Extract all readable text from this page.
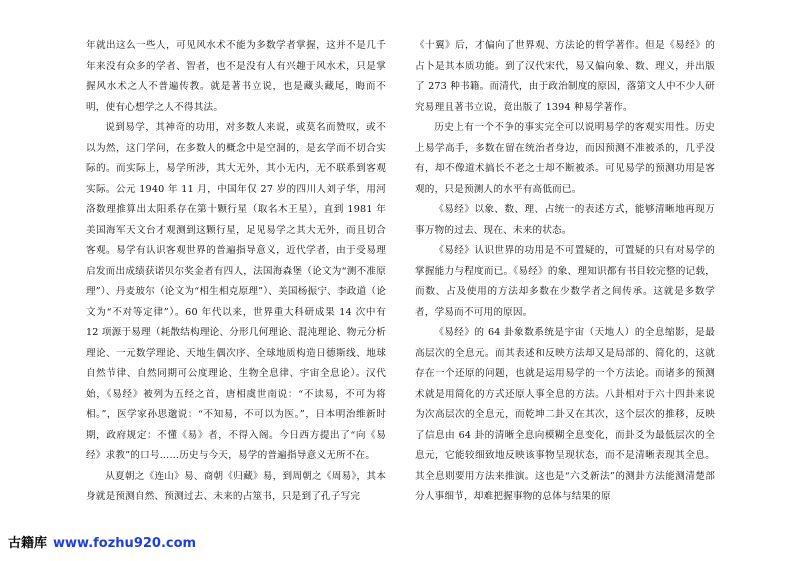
年就出这么一些人，可见风水术不能为多数学者掌握，这并不是几千年来没有众多的学者、智者，也不是没有人有兴趣于风水术，只是掌握风水术之人不普遍传教。就是著书立说，也是藏头藏尾，晦而不明，使有心想学之人不得其法。

说到易学，其神奇的功用，对多数人来说，或莫名而赞叹，或不以为然，这门学问，在多数人的概念中是空洞的，是玄学而不切合实际的。而实际上，易学所涉，其大无外，其小无内，无不联系到客观实际。公元 1940 年 11 月，中国年仅 27 岁的四川人刘子华，用河洛数理推算出太阳系存在第十颗行星（取名木王星），直到 1981 年美国海军天文台才观测到这颗行星，足见易学之其大无外，而且切合客观。易学有认识客观世界的普遍指导意义，近代学者，由于受易理启发而出成绩获诺贝尔奖金者有四人，法国海森堡（论文为“测不准原理”）、丹麦玻尔（论文为“相生相克原理”）、美国杨振宁、李政道（论文为“不对等定律”）。60 年代以来，世界重大科研成果 14 次中有 12 项源于易理（耗散结构理论、分形几何理论、混沌理论、物元分析理论、一元数学理论、天地生偶次序、全球地质构造日德斯线、地球自然节律、自然同期可公度理论、生物全息律、宇宙全息论）。汉代始，《易经》被列为五经之首，唐相虞世南说：“不读易，不可为将相。”，医学家孙思邈说：“不知易，不可以为医。”，日本明治维新时期，政府规定：不懂《易》者，不得入阁。今日西方提出了“向《易经》求教”的口号……历史与今天，易学的普遍指导意义无所不在。

从夏朝之《连山》易、商朝《归藏》易，到周朝之《周易》，其本身就是预测自然、预测过去、未来的占筮书，只是到了孔子写完

《十翼》后，才偏向了世界观、方法论的哲学著作。但是《易经》的占卜是其本质功能。到了汉代宋代，易又偏向象、数、理义，并出版了 273 种书籍。而清代，由于政治制度的原因，落第文人中不少人研究易理且著书立说，竟出版了 1394 种易学著作。

历史上有一个不争的事实完全可以说明易学的客观实用性。历史上易学高手，多数在留在统治者身边，而因预测不准被杀的，几乎没有，却不像道术搞长不老之士却不断被杀。可见易学的预测功用是客观的，只是预测人的水平有高低而已。

《易经》以象、数、理、占统一的表述方式，能够清晰地再现万事万物的过去、现在、未来的状态。

《易经》认识世界的功用是不可置疑的，可置疑的只有对易学的掌握能力与程度而已。《易经》的象、理知识都有书目较完整的记载，而数、占及使用的方法却多数在少数学者之间传承。这就是多数学者，学易而不可用的原因。

《易经》的 64 卦象数系统是宇宙（天地人）的全息缩影，是最高层次的全息元。而其表述和反映方法却又是局部的、简化的，这就存在一个还原的问题，也就是运用易学的一个方法论。而诸多的预测术就是用简化的方式还原人事全息的方法。八卦相对于六十四卦来说为次高层次的全息元，而乾坤二卦又在其次，这个层次的推移，反映了信息由 64 卦的清晰全息向模糊全息变化，而卦爻为最低层次的全息元，它能较细致地反映该事物呈现状态，而不是清晰表现其全息。其全息则要用方法来推演。这也是“六爻新法”的测卦方法能测清楚部分人事细节，却难把握事物的总体与结果的原

古籍库 www.fozhu920.com
